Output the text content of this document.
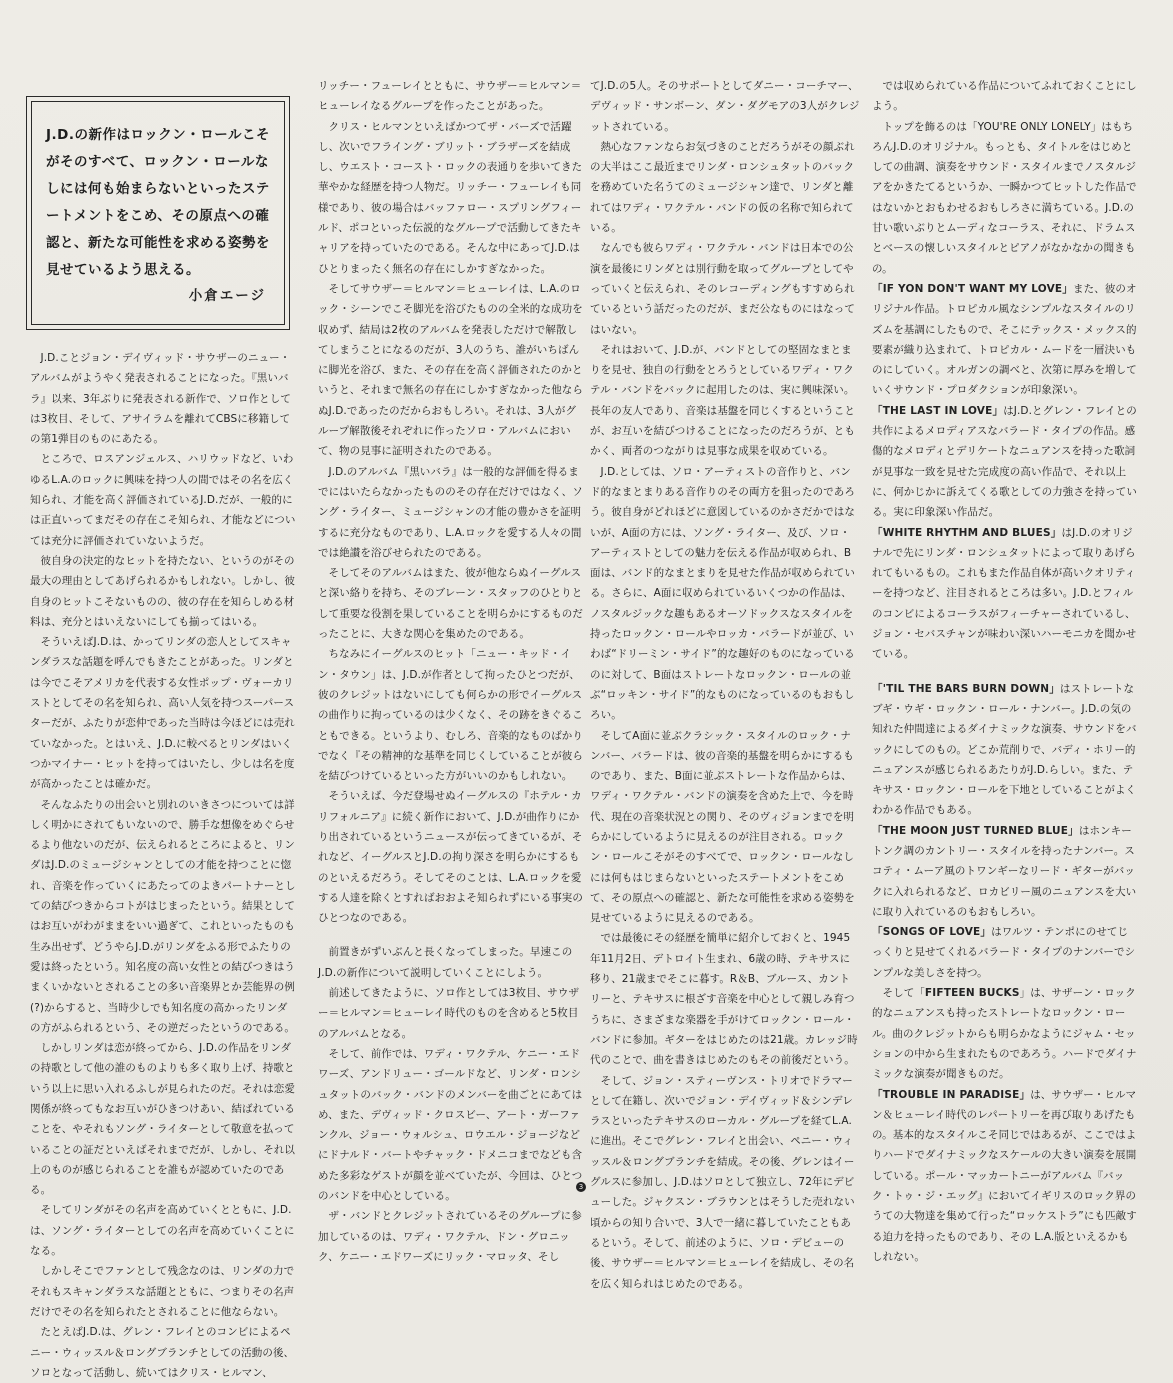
J.D.の新作はロックン・ロールこそがそのすべて、ロックン・ロールなしには何も始まらないといったステートメントをこめ、その原点への確認と、新たな可能性を求める姿勢を見せているよう思える。
小倉エージ

J.D.ことジョン・デイヴィッド・サウザーのニュー・アルバムがようやく発表されることになった。『黒いバラ』以来、3年ぶりに発表される新作で、ソロ作としては3枚目、そして、アサイラムを離れてCBSに移籍しての第1弾目のものにあたる。

ところで、ロスアンジェルス、ハリウッドなど、いわゆるL.A.のロックに興味を持つ人の間ではその名を広く知られ、才能を高く評価されているJ.D.だが、一般的には正直いってまだその存在こそ知られ、才能などについては充分に評価されていないようだ。

彼自身の決定的なヒットを持たない、というのがその最大の理由としてあげられるかもしれない。しかし、彼自身のヒットこそないものの、彼の存在を知らしめる材料は、充分とはいえないにしても揃ってはいる。

そういえばJ.D.は、かってリンダの恋人としてスキャンダラスな話題を呼んでもきたことがあった。リンダとは今でこそアメリカを代表する女性ポップ・ヴォーカリストとしてその名を知られ、高い人気を持つスーパースターだが、ふたりが恋仲であった当時は今ほどには売れていなかった。とはいえ、J.D.に較べるとリンダはいくつかマイナー・ヒットを持ってはいたし、少しは名を度が高かったことは確かだ。

そんなふたりの出会いと別れのいきさつについては詳しく明かにされてもいないので、勝手な想像をめぐらせるより他ないのだが、伝えられるところによると、リンダはJ.D.のミュージシャンとしての才能を持つことに惚れ、音楽を作っていくにあたってのよきパートナーとしての結びつきからコトがはじまったという。結果としてはお互いがわがままをいい過ぎて、これといったものも生み出せず、どうやらJ.D.がリンダをふる形でふたりの愛は終ったという。知名度の高い女性との結びつきはうまくいかないとされることの多い音楽界とか芸能界の例(?)からすると、当時少しでも知名度の高かったリンダの方がふられるという、その逆だったというのである。

しかしリンダは恋が終ってから、J.D.の作品をリンダの持歌として他の誰のものよりも多く取り上げ、持歌という以上に思い入れるふしが見られたのだ。それは恋愛関係が終ってもなお互いがひきつけあい、結ばれていることを、やそれもソング・ライターとして敬意を払っていることの証だといえばそれまでだが、しかし、それ以上のものが感じられることを誰もが認めていたのである。

そしてリンダがその名声を高めていくとともに、J.D.は、ソング・ライターとしての名声を高めていくことになる。

しかしそこでファンとして残念なのは、リンダの力でそれもスキャンダラスな話題とともに、つまりその名声だけでその名を知られたとされることに他ならない。

たとえばJ.D.は、グレン・フレイとのコンビによるペニー・ウィッスル＆ロングブランチとしての活動の後、ソロとなって活動し、続いてはクリス・ヒルマン、

リッチー・フューレイとともに、サウザー＝ヒルマン＝ヒューレイなるグループを作ったことがあった。

クリス・ヒルマンといえばかつてザ・バーズで活躍し、次いでフライング・ブリット・ブラザーズを結成し、ウエスト・コースト・ロックの表通りを歩いてきた華やかな経歴を持つ人物だ。リッチー・フューレイも同様であり、彼の場合はバッファロー・スプリングフィールド、ポコといった伝説的なグループで活動してきたキャリアを持っていたのである。そんな中にあってJ.D.はひとりまったく無名の存在にしかすぎなかった。

そしてサウザー＝ヒルマン＝ヒューレイは、L.A.のロック・シーンでこそ脚光を浴びたものの全米的な成功を収めず、結局は2枚のアルバムを発表しただけで解散してしまうことになるのだが、3人のうち、誰がいちばんに脚光を浴び、また、その存在を高く評価されたのかというと、それまで無名の存在にしかすぎなかった他ならぬJ.D.であったのだからおもしろい。それは、3人がグループ解散後それぞれに作ったソロ・アルバムにおいて、物の見事に証明されたのである。

J.D.のアルバム『黒いバラ』は一般的な評価を得るまでにはいたらなかったもののその存在だけではなく、ソング・ライター、ミュージシャンの才能の豊かさを証明するに充分なものであり、L.A.ロックを愛する人々の間では絶讃を浴びせられたのである。

そしてそのアルバムはまた、彼が他ならぬイーグルスと深い絡りを持ち、そのブレーン・スタッフのひとりとして重要な役割を果していることを明らかにするものだったことに、大きな関心を集めたのである。

ちなみにイーグルスのヒット「ニュー・キッド・イン・タウン」は、J.D.が作者として拘ったひとつだが、彼のクレジットはないにしても何らかの形でイーグルスの曲作りに拘っているのは少くなく、その跡をきぐることもできる。というより、むしろ、音楽的なものばかりでなく『その精神的な基準を同じくしていることが彼らを結びつけているといった方がいいのかもしれない。

そういえば、今だ登場せぬイーグルスの『ホテル・カリフォルニア』に続く新作において、J.D.が曲作りにかり出されているというニュースが伝ってきているが、それなど、イーグルスとJ.D.の拘り深さを明らかにするものといえるだろう。そしてそのことは、L.A.ロックを愛する人達を除くとすればおおよそ知られずにいる事実のひとつなのである。

前置きがずいぶんと長くなってしまった。早速このJ.D.の新作について説明していくことにしよう。

前述してきたように、ソロ作としては3枚目、サウザー＝ヒルマン＝ヒューレイ時代のものを含めると5枚目のアルバムとなる。

そして、前作では、ワディ・ワクテル、ケニー・エドワーズ、アンドリュー・ゴールドなど、リンダ・ロンシュタットのバック・バンドのメンバーを曲ごとにあてはめ、また、デヴィッド・クロスビー、アート・ガーファンクル、ジョー・ウォルシュ、ロウエル・ジョージなどにドナルド・バートやチャック・ドメニコまでなども含めた多彩なゲストが顔を並べていたが、今回は、ひとつのバンドを中心としている。

ザ・バンドとクレジットされているそのグループに参加しているのは、ワディ・ワクテル、ドン・グロニック、ケニー・エドワーズにリック・マロッタ、そし

てJ.D.の5人。そのサポートとしてダニー・コーチマー、デヴィッド・サンボーン、ダン・ダグモアの3人がクレジットされている。

熱心なファンならお気づきのことだろうがその顔ぶれの大半はここ最近までリンダ・ロンシュタットのバックを務めていた名うてのミュージシャン達で、リンダと離れてはワディ・ワクテル・バンドの仮の名称で知られている。

なんでも彼らワディ・ワクテル・バンドは日本での公演を最後にリンダとは別行動を取ってグループとしてやっていくと伝えられ、そのレコーディングもすすめられているという話だったのだが、まだ公なものにはなってはいない。

それはおいて、J.D.が、バンドとしての堅固なまとまりを見せ、独自の行動をとろうとしているワディ・ワクテル・バンドをバックに起用したのは、実に興味深い。長年の友人であり、音楽は基盤を同じくするということが、お互いを結びつけることになったのだろうが、ともかく、両者のつながりは見事な成果を収めている。

J.D.としては、ソロ・アーティストの音作りと、バンド的なまとまりある音作りのその両方を狙ったのであろう。彼自身がどれほどに意図しているのかさだかではないが、A面の方には、ソング・ライター、及び、ソロ・アーティストとしての魅力を伝える作品が収められ、B面は、バンド的なまとまりを見せた作品が収められている。さらに、A面に収められているいくつかの作品は、ノスタルジックな趣もあるオーソドックスなスタイルを持ったロックン・ロールやロッカ・バラードが並び、いわば“ドリーミン・サイド”的な趣好のものになっているのに対して、B面はストレートなロックン・ロールの並ぶ“ロッキン・サイド”的なものになっているのもおもしろい。

そしてA面に並ぶクラシック・スタイルのロック・ナンバー、バラードは、彼の音楽的基盤を明らかにするものであり、また、B面に並ぶストレートな作品からは、ワディ・ワクテル・バンドの演奏を含めた上で、今を時代、現在の音楽状況との関り、そのヴィジョンまでを明らかにしているように見えるのが注目される。ロックン・ロールこそがそのすべてで、ロックン・ロールなしには何もはじまらないといったステートメントをこめて、その原点への確認と、新たな可能性を求める姿勢を見せているように見えるのである。

では最後にその経歴を簡単に紹介しておくと、1945年11月2日、デトロイト生まれ、6歳の時、テキサスに移り、21歳までそこに暮す。R＆B、ブルース、カントリーと、テキサスに根ざす音楽を中心として親しみ育つうちに、さまざまな楽器を手がけてロックン・ロール・バンドに参加。ギターをはじめたのは21歳。カレッジ時代のことで、曲を書きはじめたのもその前後だという。

そして、ジョン・スティーヴンス・トリオでドラマーとして在籍し、次いでジョン・デイヴィッド＆シンデレラスといったテキサスのローカル・グループを経てL.A.に進出。そこでグレン・フレイと出会い、ペニー・ウィッスル＆ロングブランチを結成。その後、グレンはイーグルスに参加し、J.D.はソロとして独立し、72年にデビューした。ジャクスン・ブラウンとはそうした売れない頃からの知り合いで、3人で一緒に暮していたこともあるという。そして、前述のように、ソロ・デビューの後、サウザー＝ヒルマン＝ヒューレイを結成し、その名を広く知られはじめたのである。

では収められている作品についてふれておくことにしよう。

トップを飾るのは「YOU'RE ONLY LONELY」はもちろんJ.D.のオリジナル。もっとも、タイトルをはじめとしての曲調、演奏をサウンド・スタイルまでノスタルジアをかきたてるというか、一瞬かつてヒットした作品ではないかとおもわせるおもしろさに満ちている。J.D.の甘い歌いぶりとムーディなコーラス、それに、ドラムスとベースの懐しいスタイルとピアノがなかなかの聞きもの。

「IF YON DON'T WANT MY LOVE」また、彼のオリジナル作品。トロピカル風なシンプルなスタイルのリズムを基調にしたもので、そこにテックス・メックス的要素が織り込まれて、トロピカル・ムードを一層決いものにしていく。オルガンの調べと、次第に厚みを増していくサウンド・プロダクションが印象深い。

「THE LAST IN LOVE」はJ.D.とグレン・フレイとの共作によるメロディアスなバラード・タイプの作品。感傷的なメロディとデリケートなニュアンスを持った歌詞が見事な一致を見せた完成度の高い作品で、それ以上に、何かじかに訴えてくる歌としての力強さを持っている。実に印象深い作品だ。

「WHITE RHYTHM AND BLUES」はJ.D.のオリジナルで先にリンダ・ロンシュタットによって取りあげられてもいるもの。これもまた作品自体が高いクオリティーを持つなど、注目されるところは多い。J.D.とフィルのコンビによるコーラスがフィーチャーされているし、ジョン・セバスチャンが味わい深いハーモニカを聞かせている。

「'TIL THE BARS BURN DOWN」はストレートなブギ・ウギ・ロックン・ロール・ナンバー。J.D.の気の知れた仲間達によるダイナミックな演奏、サウンドをバックにしてのもの。どこか荒削りで、バディ・ホリー的ニュアンスが感じられるあたりがJ.D.らしい。また、テキサス・ロックン・ロールを下地としていることがよくわかる作品でもある。

「THE MOON JUST TURNED BLUE」はホンキートンク調のカントリー・スタイルを持ったナンバー。スコティ・ムーア風のトワンギーなリード・ギターがバックに入れられるなど、ロカビリー風のニュアンスを大いに取り入れているのもおもしろい。

「SONGS OF LOVE」はワルツ・テンポにのせてじっくりと見せてくれるバラード・タイプのナンバーでシンプルな美しさを持つ。

そして「FIFTEEN BUCKS」は、サザーン・ロック的なニュアンスも持ったストレートなロックン・ロール。曲のクレジットからも明らかなようにジャム・セッションの中から生まれたものであろう。ハードでダイナミックな演奏が聞きものだ。

「TROUBLE IN PARADISE」は、サウザー・ヒルマン＆ヒューレイ時代のレパートリーを再び取りあげたもの。基本的なスタイルこそ同じではあるが、ここではよりハードでダイナミックなスケールの大きい演奏を展開している。ポール・マッカートニーがアルバム『バック・トゥ・ジ・エッグ』においてイギリスのロック界のうての大物達を集めて行った“ロッケストラ”にも匹敵する迫力を持ったものであり、その L.A.版といえるかもしれない。

3
